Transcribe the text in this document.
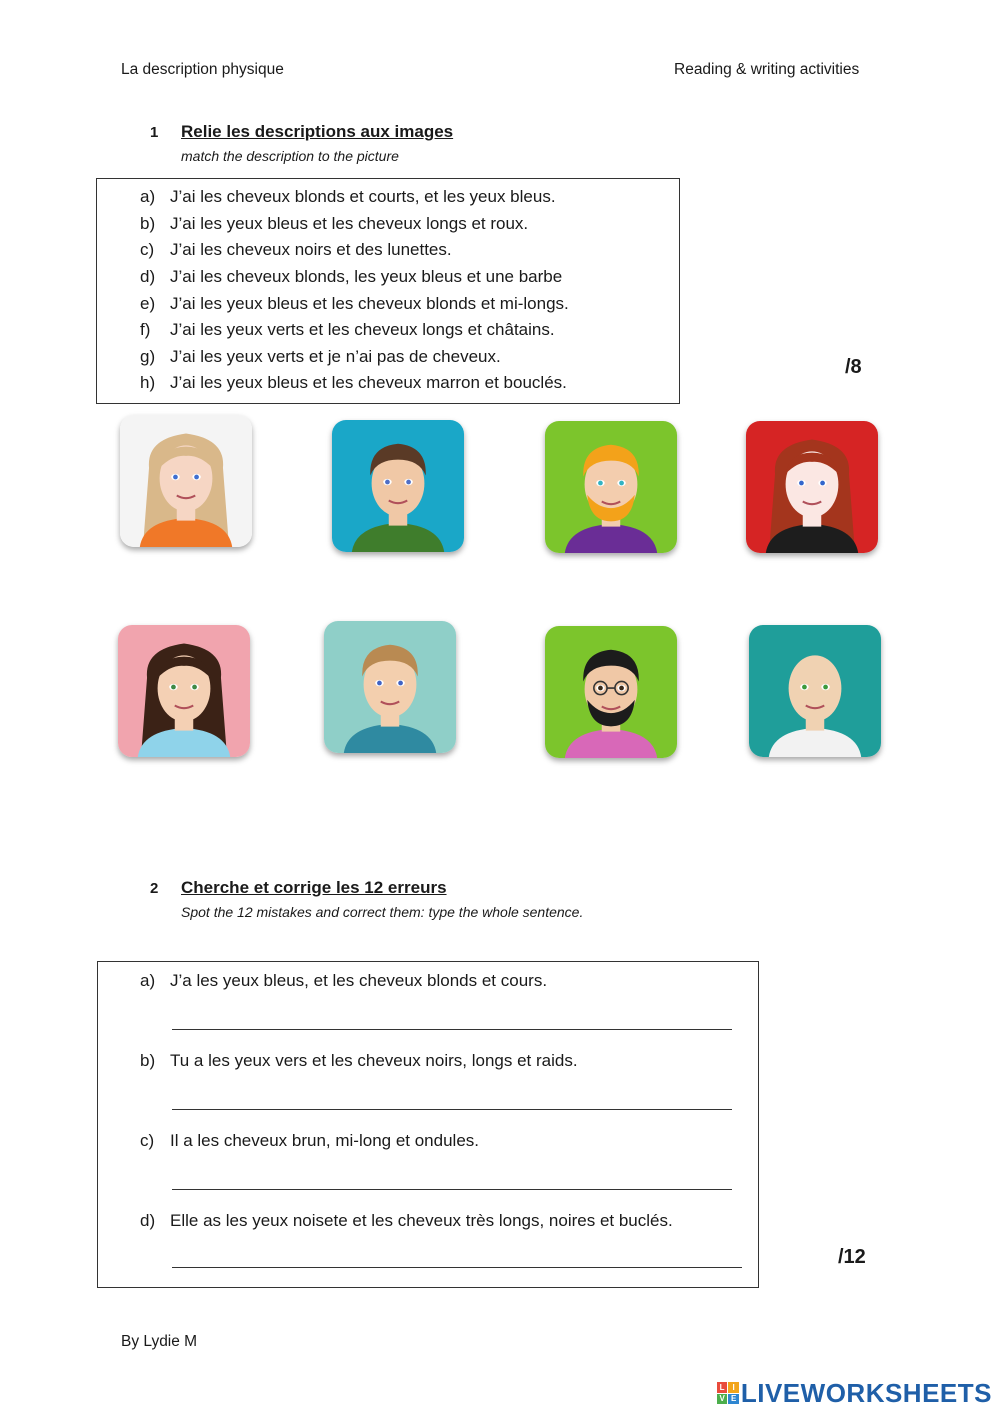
La description physique	Reading & writing activities
1 Relie les descriptions aux images
match the description to the picture
a) J’ai les cheveux blonds et courts, et les yeux bleus.
b) J’ai les yeux bleus et les cheveux longs et roux.
c) J’ai les cheveux noirs et des lunettes.
d) J’ai les cheveux blonds, les yeux bleus et une barbe
e) J’ai les yeux bleus et les cheveux blonds et mi-longs.
f) J’ai les yeux verts et les cheveux longs et châtains.
g) J’ai les yeux verts et je n’ai pas de cheveux.
h) J’ai les yeux bleus et les cheveux marron et bouclés.
/8
2 Cherche et corrige les 12 erreurs
Spot the 12 mistakes and correct them: type the whole sentence.
a) J’a les yeux bleus, et les cheveux blonds et cours.
b) Tu a les yeux vers et les cheveux noirs, longs et raids.
c) Il a les cheveux brun, mi-long et ondules.
d) Elle as les yeux noisete et les cheveux très longs, noires et buclés.
/12
By Lydie M
L I
V E LIVEWORKSHEETS
